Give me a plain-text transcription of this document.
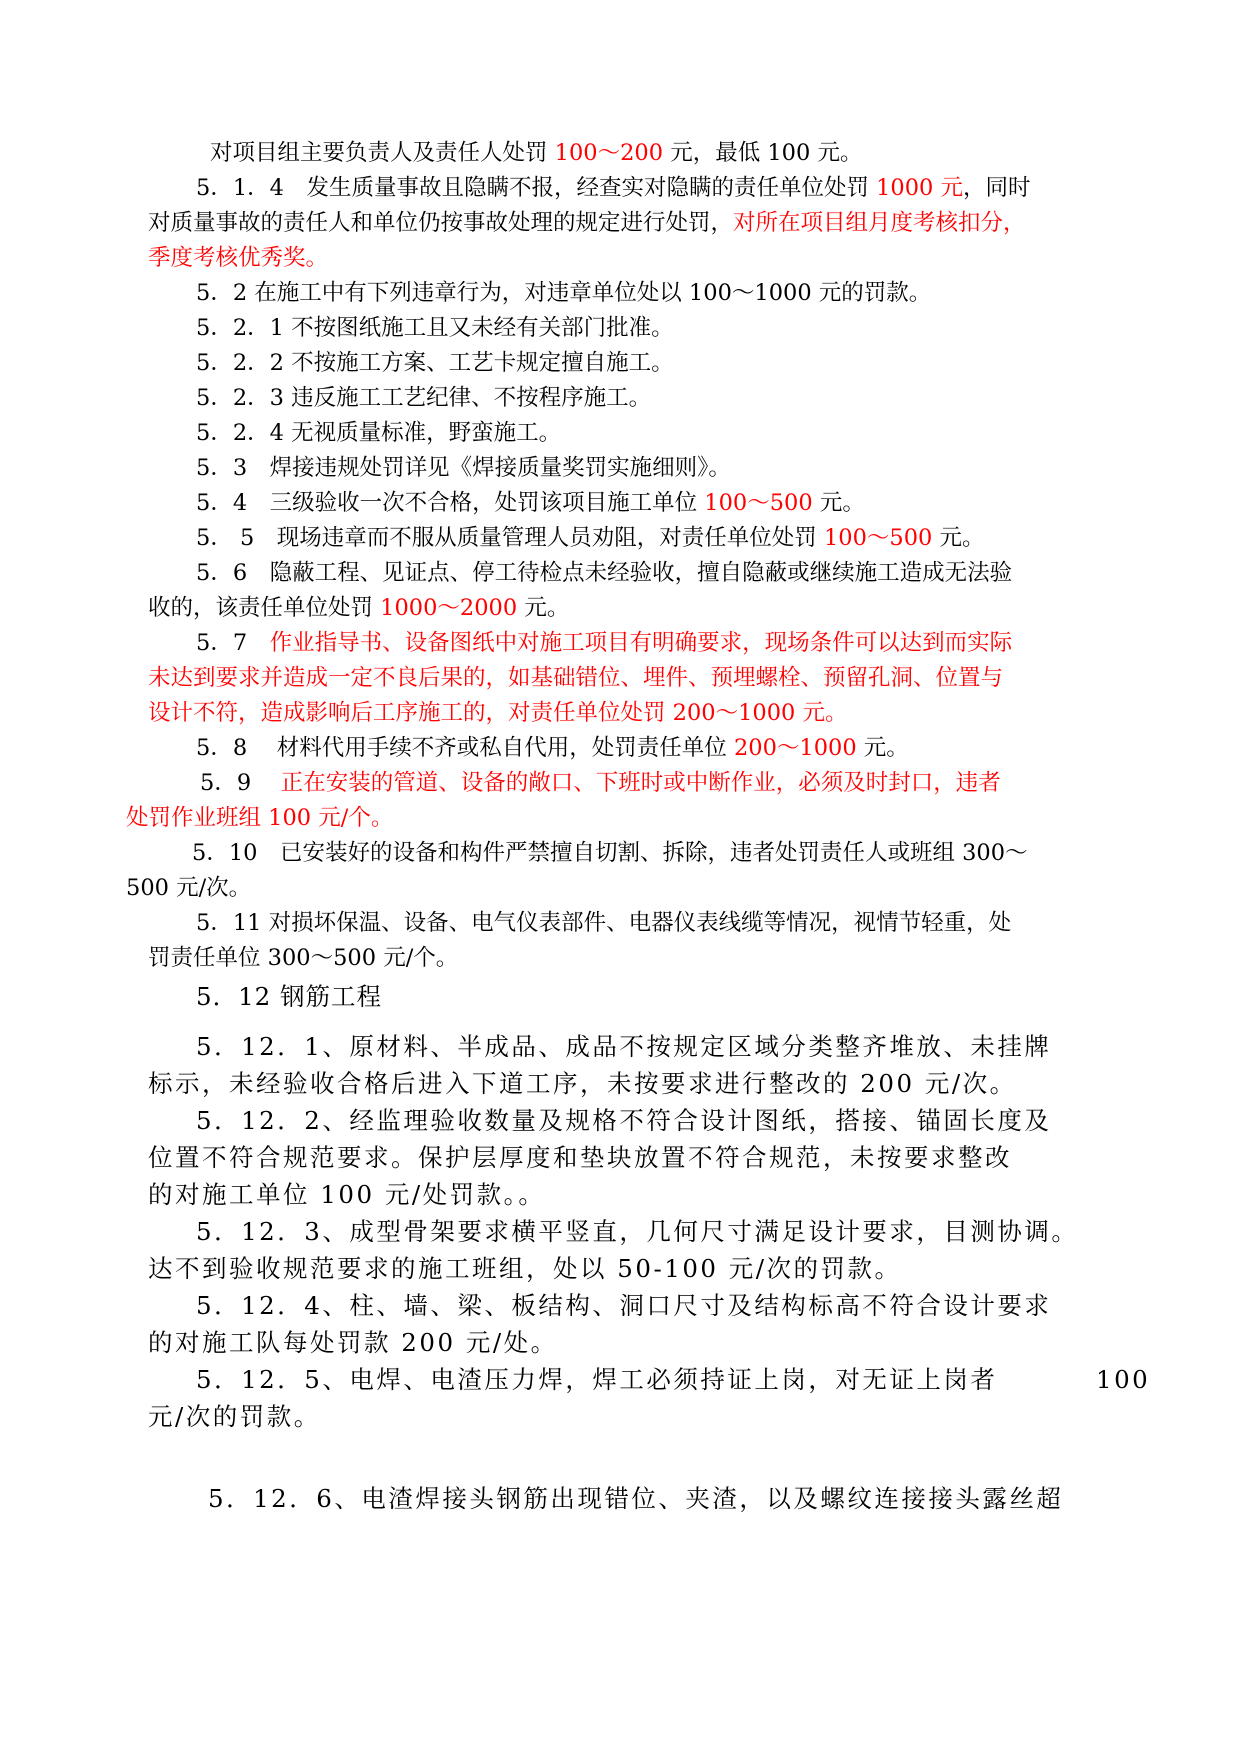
对项目组主要负责人及责任人处罚 100～200 元，最低 100 元。
5．1．4　发生质量事故且隐瞒不报，经查实对隐瞒的责任单位处罚 1000 元，同时
对质量事故的责任人和单位仍按事故处理的规定进行处罚，对所在项目组月度考核扣分，
季度考核优秀奖。
5．2 在施工中有下列违章行为，对违章单位处以 100～1000 元的罚款。
5．2．1 不按图纸施工且又未经有关部门批准。
5．2．2 不按施工方案、工艺卡规定擅自施工。
5．2．3 违反施工工艺纪律、不按程序施工。
5．2．4 无视质量标准，野蛮施工。
5．3　焊接违规处罚详见《焊接质量奖罚实施细则》。
5．4　三级验收一次不合格，处罚该项目施工单位 100～500 元。
5． 5　现场违章而不服从质量管理人员劝阻，对责任单位处罚 100～500 元。
5．6　隐蔽工程、见证点、停工待检点未经验收，擅自隐蔽或继续施工造成无法验
收的，该责任单位处罚 1000～2000 元。
5．7　作业指导书、设备图纸中对施工项目有明确要求，现场条件可以达到而实际
未达到要求并造成一定不良后果的，如基础错位、埋件、预埋螺栓、预留孔洞、位置与
设计不符，造成影响后工序施工的，对责任单位处罚 200～1000 元。
5．8　 材料代用手续不齐或私自代用，处罚责任单位 200～1000 元。
5．9　 正在安装的管道、设备的敞口、下班时或中断作业，必须及时封口，违者
处罚作业班组 100 元/个。
5．10　已安装好的设备和构件严禁擅自切割、拆除，违者处罚责任人或班组 300～
500 元/次。
5．11 对损坏保温、设备、电气仪表部件、电器仪表线缆等情况，视情节轻重，处
罚责任单位 300～500 元/个。
5．12 钢筋工程
5．12．1、原材料、半成品、成品不按规定区域分类整齐堆放、未挂牌
标示，未经验收合格后进入下道工序，未按要求进行整改的 200 元/次。
5．12．2、经监理验收数量及规格不符合设计图纸，搭接、锚固长度及
位置不符合规范要求。保护层厚度和垫块放置不符合规范，未按要求整改
的对施工单位 100 元/处罚款。。
5．12．3、成型骨架要求横平竖直，几何尺寸满足设计要求，目测协调。
达不到验收规范要求的施工班组，处以 50-100 元/次的罚款。
5．12．4、柱、墙、梁、板结构、洞口尺寸及结构标高不符合设计要求
的对施工队每处罚款 200 元/处。
5．12．5、电焊、电渣压力焊，焊工必须持证上岗，对无证上岗者	100
元/次的罚款。
5．12．6、电渣焊接头钢筋出现错位、夹渣，以及螺纹连接接头露丝超
